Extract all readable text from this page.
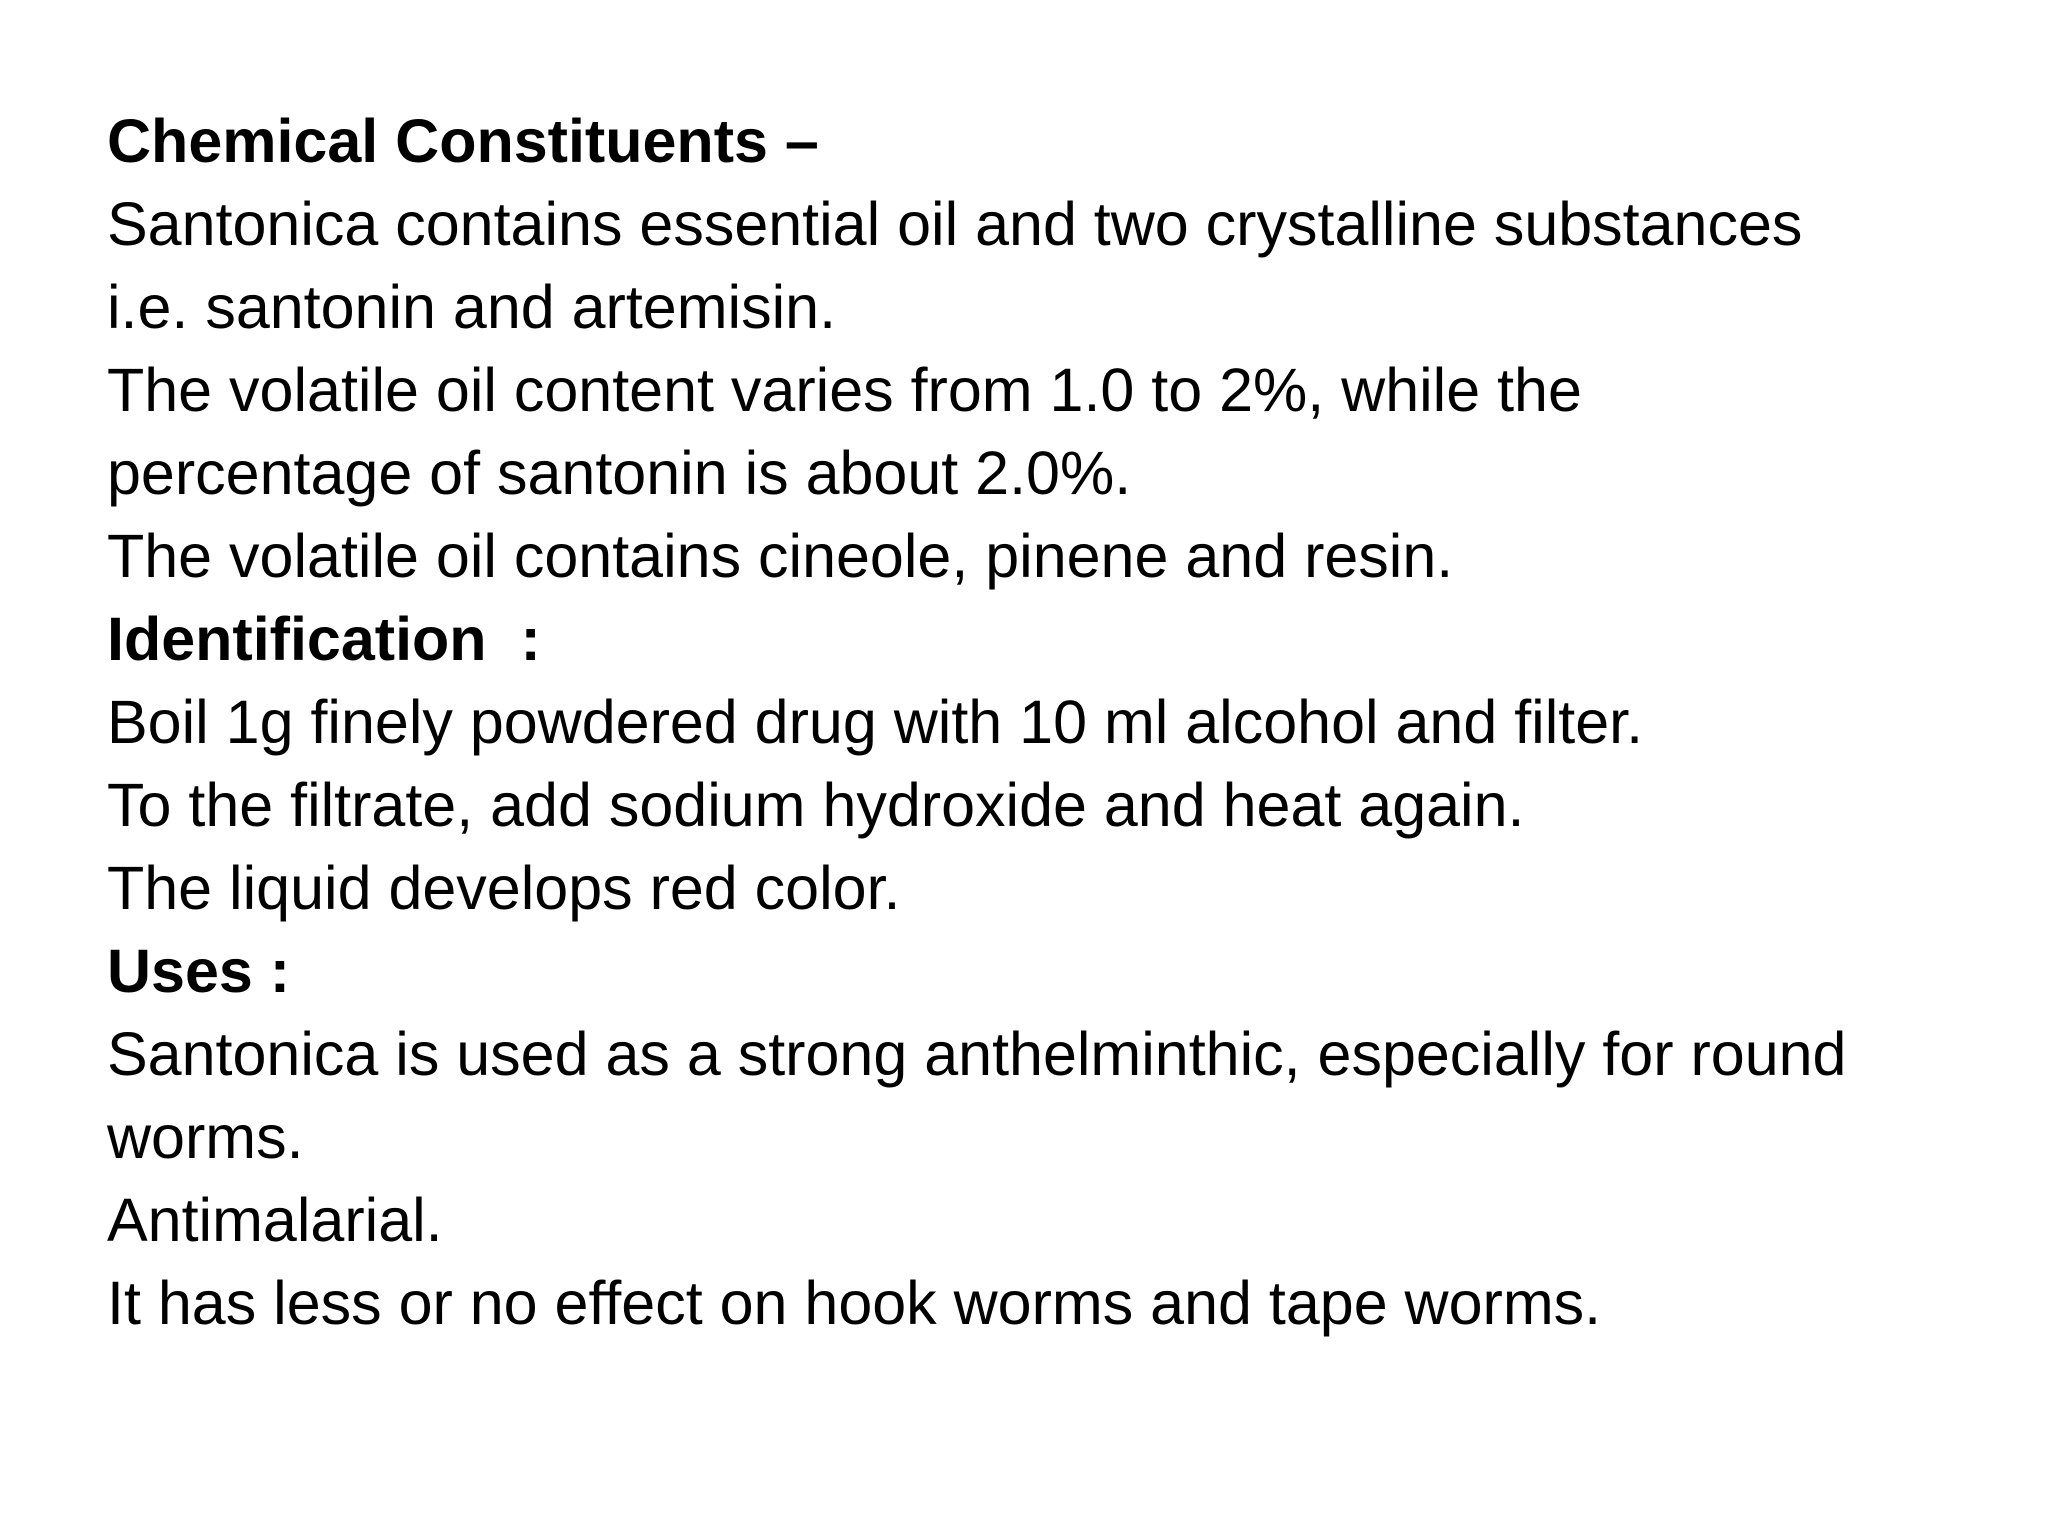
Chemical Constituents –
Santonica contains essential oil and two crystalline substances
i.e. santonin and artemisin.
The volatile oil content varies from 1.0 to 2%, while the
percentage of santonin is about 2.0%.
The volatile oil contains cineole, pinene and resin.
Identification  :
Boil 1g finely powdered drug with 10 ml alcohol and filter.
To the filtrate, add sodium hydroxide and heat again.
The liquid develops red color.
Uses :
Santonica is used as a strong anthelminthic, especially for round
worms.
Antimalarial.
It has less or no effect on hook worms and tape worms.
